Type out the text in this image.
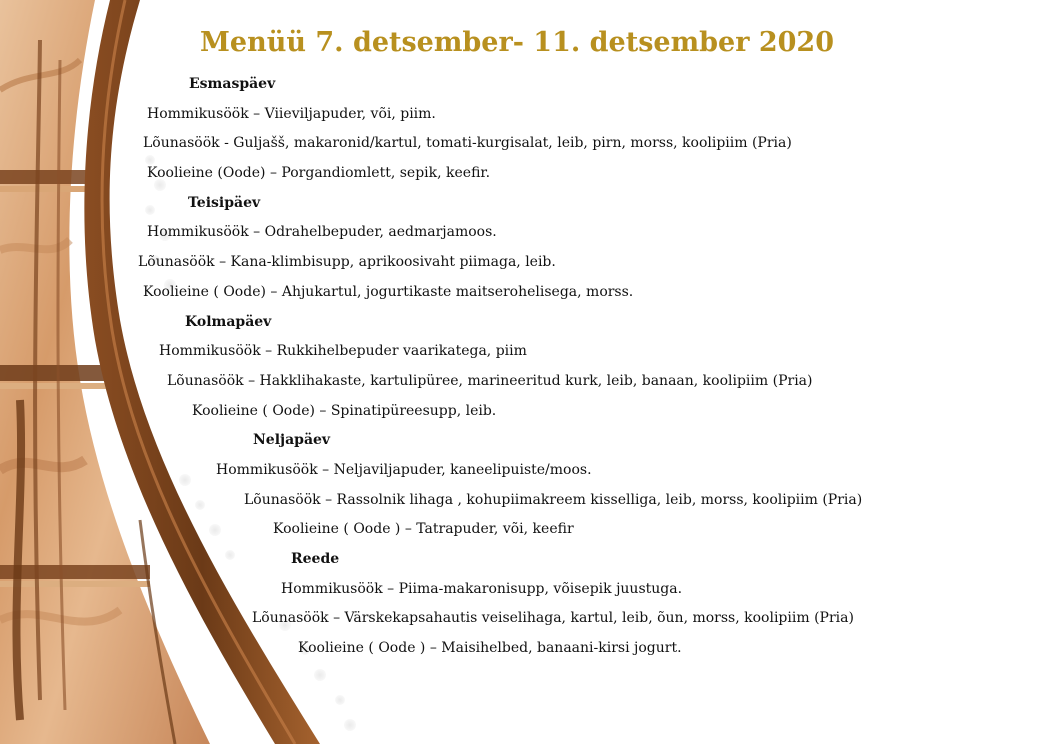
Menüü 7. detsember- 11. detsember 2020
Esmaspäev
Hommikusöök – Viieviljapuder, või, piim.
Lõunasöök - Guljašš, makaronid/kartul, tomati-kurgisalat, leib, pirn, morss, koolipiim (Pria)
Koolieine (Oode) – Porgandiomlett, sepik, keefir.
Teisipäev
Hommikusöök – Odrahelbepuder, aedmarjamoos.
Lõunasöök – Kana-klimbisupp, aprikoosivaht piimaga, leib.
Koolieine ( Oode) – Ahjukartul, jogurtikaste maitserohelisega, morss.
Kolmapäev
Hommikusöök – Rukkihelbepuder vaarikatega, piim
Lõunasöök – Hakklihakaste, kartulipüree, marineeritud kurk, leib, banaan, koolipiim (Pria)
Koolieine ( Oode) – Spinatipüreesupp, leib.
Neljapäev
Hommikusöök – Neljaviljapuder, kaneelipuiste/moos.
Lõunasöök – Rassolnik lihaga , kohupiimakreem kisselliga, leib, morss, koolipiim (Pria)
Koolieine ( Oode ) – Tatrapuder, või, keefir
Reede
Hommikusöök – Piima-makaronisupp, võisepik juustuga.
Lõunasöök – Värskekapsahautis veiselihaga, kartul, leib, õun, morss, koolipiim (Pria)
Koolieine ( Oode ) – Maisihelbed, banaani-kirsi jogurt.
